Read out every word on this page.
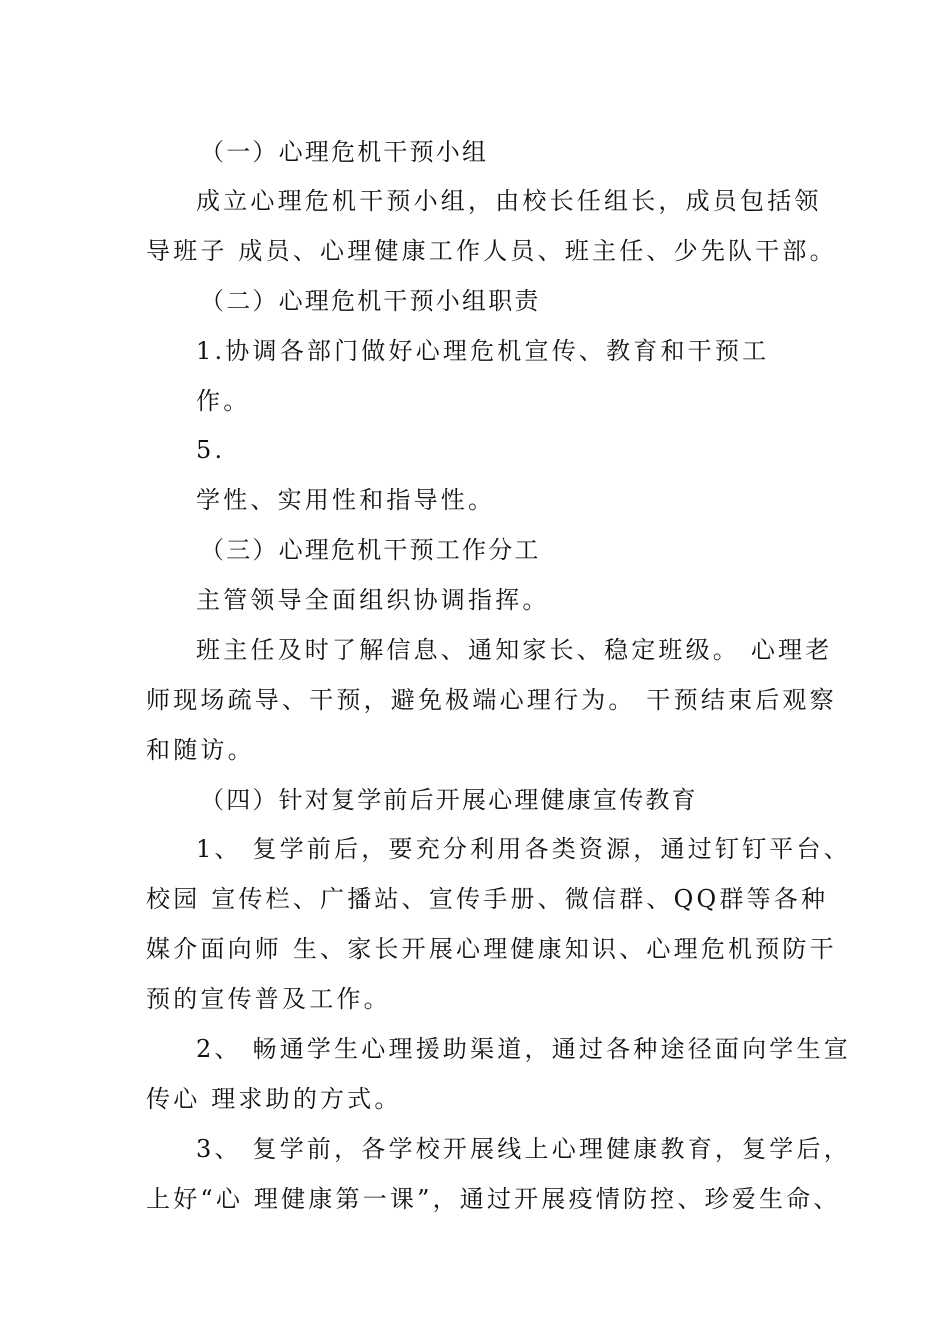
（一）心理危机干预小组

成立心理危机干预小组，由校长任组长，成员包括领

导班子 成员、心理健康工作人员、班主任、少先队干部。

（二）心理危机干预小组职责

1.协调各部门做好心理危机宣传、教育和干预工

作。

5.

学性、实用性和指导性。

（三）心理危机干预工作分工

主管领导全面组织协调指挥。

班主任及时了解信息、通知家长、稳定班级。 心理老

师现场疏导、干预，避免极端心理行为。 干预结束后观察

和随访。

（四）针对复学前后开展心理健康宣传教育

1、 复学前后，要充分利用各类资源，通过钉钉平台、

校园 宣传栏、广播站、宣传手册、微信群、QQ群等各种

媒介面向师 生、家长开展心理健康知识、心理危机预防干

预的宣传普及工作。

2、 畅通学生心理援助渠道，通过各种途径面向学生宣

传心 理求助的方式。

3、 复学前，各学校开展线上心理健康教育，复学后，

上好“心 理健康第一课”，通过开展疫情防控、珍爱生命、
